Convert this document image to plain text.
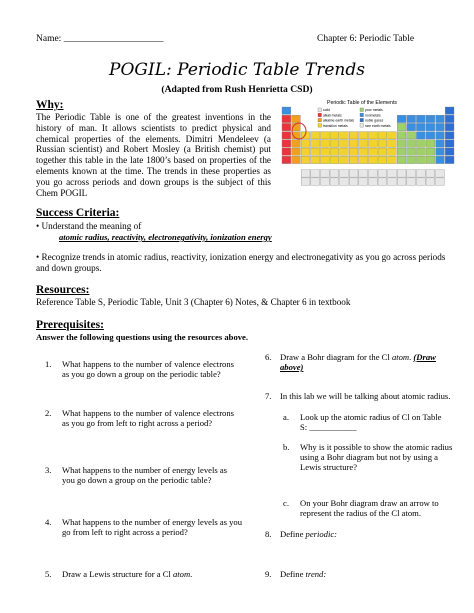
Name: _____________________	Chapter 6: Periodic Table
POGIL: Periodic Table Trends
(Adapted from Rush Henrietta CSD)
Why:
The Periodic Table is one of the greatest inventions in the history of man. It allows scientists to predict physical and chemical properties of the elements. Dimitri Mendeleev (a Russian scientist) and Robert Mosley (a British chemist) put together this table in the late 1800’s based on properties of the elements known at the time. The trends in these properties as you go across periods and down groups is the subject of this Chem POGIL
Periodic Table of the Elements
solid
alkali metals
alkaline earth metals
transition metals
poor metals
nonmetals
noble gases
rare earth metals
Success Criteria:
• Understand the meaning of
atomic radius, reactivity, electronegativity, ionization energy
• Recognize trends in atomic radius, reactivity, ionization energy and electronegativity as you go across periods and down groups.
Resources:
Reference Table S, Periodic Table, Unit 3 (Chapter 6) Notes, & Chapter 6 in textbook
Prerequisites:
Answer the following questions using the resources above.
1. What happens to the number of valence electrons as you go down a group on the periodic table?
2. What happens to the number of valence electrons as you go from left to right across a period?
3. What happens to the number of energy levels as you go down a group on the periodic table?
4. What happens to the number of energy levels as you go from left to right across a period?
5. Draw a Lewis structure for a Cl atom.
6. Draw a Bohr diagram for the Cl atom. (Draw above)
7. In this lab we will be talking about atomic radius.
a. Look up the atomic radius of Cl on Table S: ___________
b. Why is it possible to show the atomic radius using a Bohr diagram but not by using a Lewis structure?
c. On your Bohr diagram draw an arrow to represent the radius of the Cl atom.
8. Define periodic:
9. Define trend:
